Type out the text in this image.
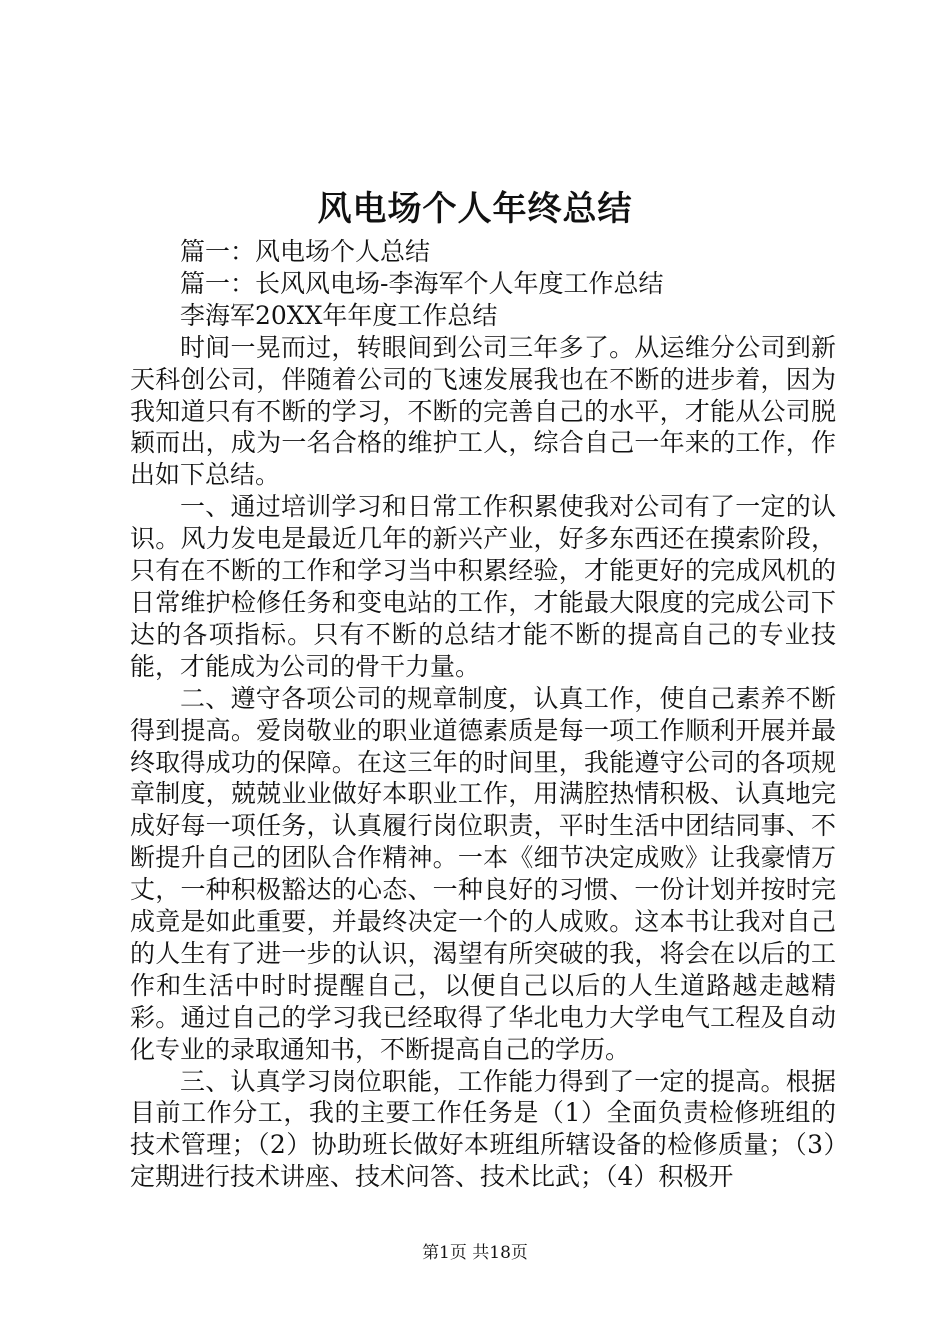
风电场个人年终总结

篇一：风电场个人总结

篇一：长风风电场-李海军个人年度工作总结

李海军20XX年年度工作总结

时间一晃而过，转眼间到公司三年多了。从运维分公司到新天科创公司，伴随着公司的飞速发展我也在不断的进步着，因为我知道只有不断的学习，不断的完善自己的水平，才能从公司脱颖而出，成为一名合格的维护工人，综合自己一年来的工作，作出如下总结。

一、通过培训学习和日常工作积累使我对公司有了一定的认识。风力发电是最近几年的新兴产业，好多东西还在摸索阶段，只有在不断的工作和学习当中积累经验，才能更好的完成风机的日常维护检修任务和变电站的工作，才能最大限度的完成公司下达的各项指标。只有不断的总结才能不断的提高自己的专业技能，才能成为公司的骨干力量。

二、遵守各项公司的规章制度，认真工作，使自己素养不断得到提高。爱岗敬业的职业道德素质是每一项工作顺利开展并最终取得成功的保障。在这三年的时间里，我能遵守公司的各项规章制度，兢兢业业做好本职业工作，用满腔热情积极、认真地完成好每一项任务，认真履行岗位职责，平时生活中团结同事、不断提升自己的团队合作精神。一本《细节决定成败》让我豪情万丈，一种积极豁达的心态、一种良好的习惯、一份计划并按时完成竟是如此重要，并最终决定一个的人成败。这本书让我对自己的人生有了进一步的认识，渴望有所突破的我，将会在以后的工作和生活中时时提醒自己，以便自己以后的人生道路越走越精彩。通过自己的学习我已经取得了华北电力大学电气工程及自动化专业的录取通知书，不断提高自己的学历。

三、认真学习岗位职能，工作能力得到了一定的提高。根据目前工作分工，我的主要工作任务是（1）全面负责检修班组的技术管理；（2）协助班长做好本班组所辖设备的检修质量；（3）定期进行技术讲座、技术问答、技术比武；（4）积极开

第1页 共18页
